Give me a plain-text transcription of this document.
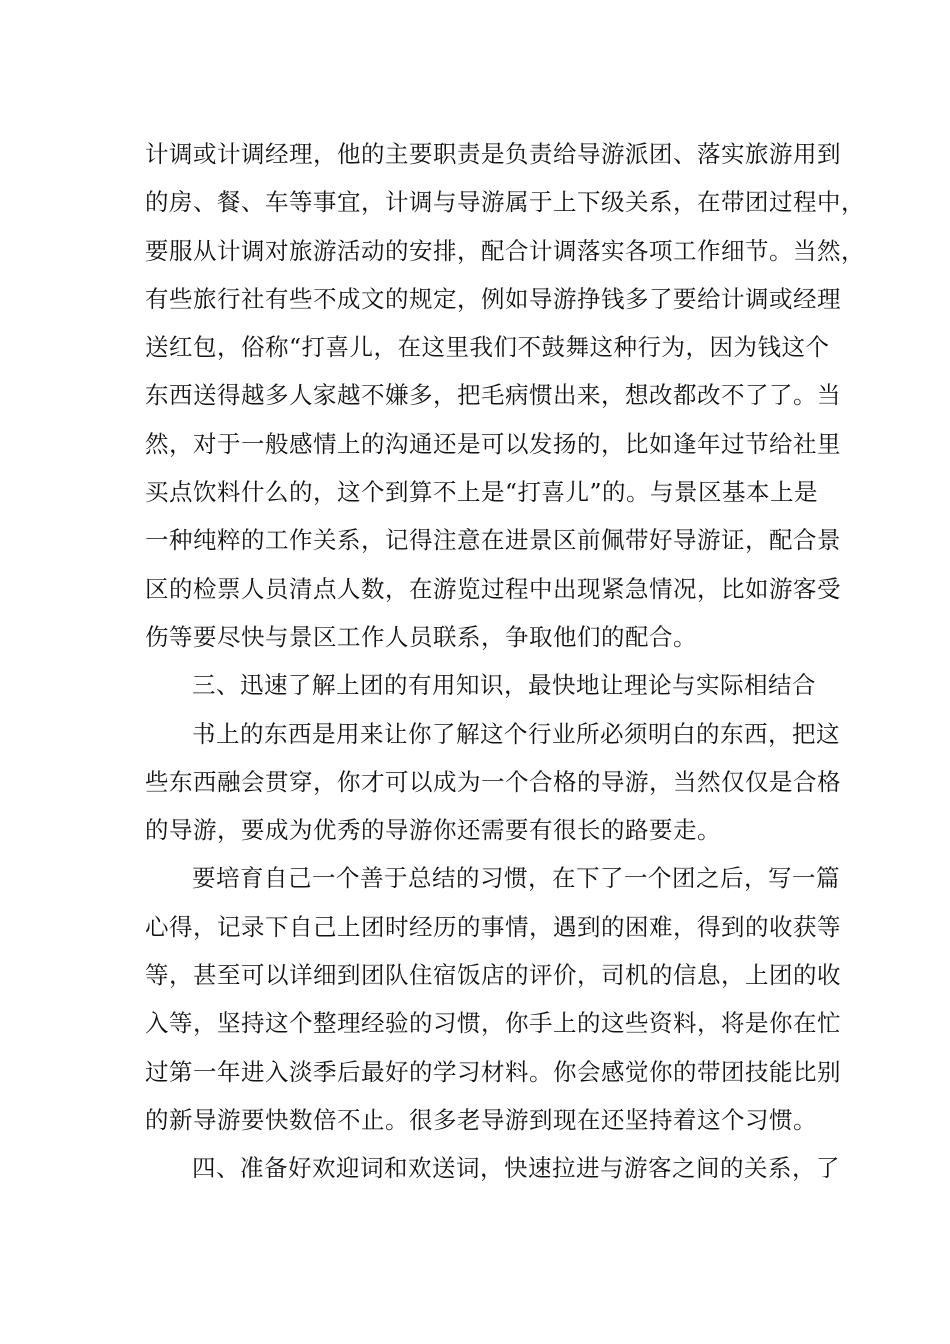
计调或计调经理，他的主要职责是负责给导游派团、落实旅游用到
的房、餐、车等事宜，计调与导游属于上下级关系，在带团过程中，
要服从计调对旅游活动的安排，配合计调落实各项工作细节。当然，
有些旅行社有些不成文的规定，例如导游挣钱多了要给计调或经理
送红包，俗称“打喜儿，在这里我们不鼓舞这种行为，因为钱这个
东西送得越多人家越不嫌多，把毛病惯出来，想改都改不了了。当
然，对于一般感情上的沟通还是可以发扬的，比如逢年过节给社里
买点饮料什么的，这个到算不上是“打喜儿”的。与景区基本上是
一种纯粹的工作关系，记得注意在进景区前佩带好导游证，配合景
区的检票人员清点人数，在游览过程中出现紧急情况，比如游客受
伤等要尽快与景区工作人员联系，争取他们的配合。
三、迅速了解上团的有用知识，最快地让理论与实际相结合
书上的东西是用来让你了解这个行业所必须明白的东西，把这
些东西融会贯穿，你才可以成为一个合格的导游，当然仅仅是合格
的导游，要成为优秀的导游你还需要有很长的路要走。
要培育自己一个善于总结的习惯，在下了一个团之后，写一篇
心得，记录下自己上团时经历的事情，遇到的困难，得到的收获等
等，甚至可以详细到团队住宿饭店的评价，司机的信息，上团的收
入等，坚持这个整理经验的习惯，你手上的这些资料，将是你在忙
过第一年进入淡季后最好的学习材料。你会感觉你的带团技能比别
的新导游要快数倍不止。很多老导游到现在还坚持着这个习惯。
四、准备好欢迎词和欢送词，快速拉进与游客之间的关系，了
